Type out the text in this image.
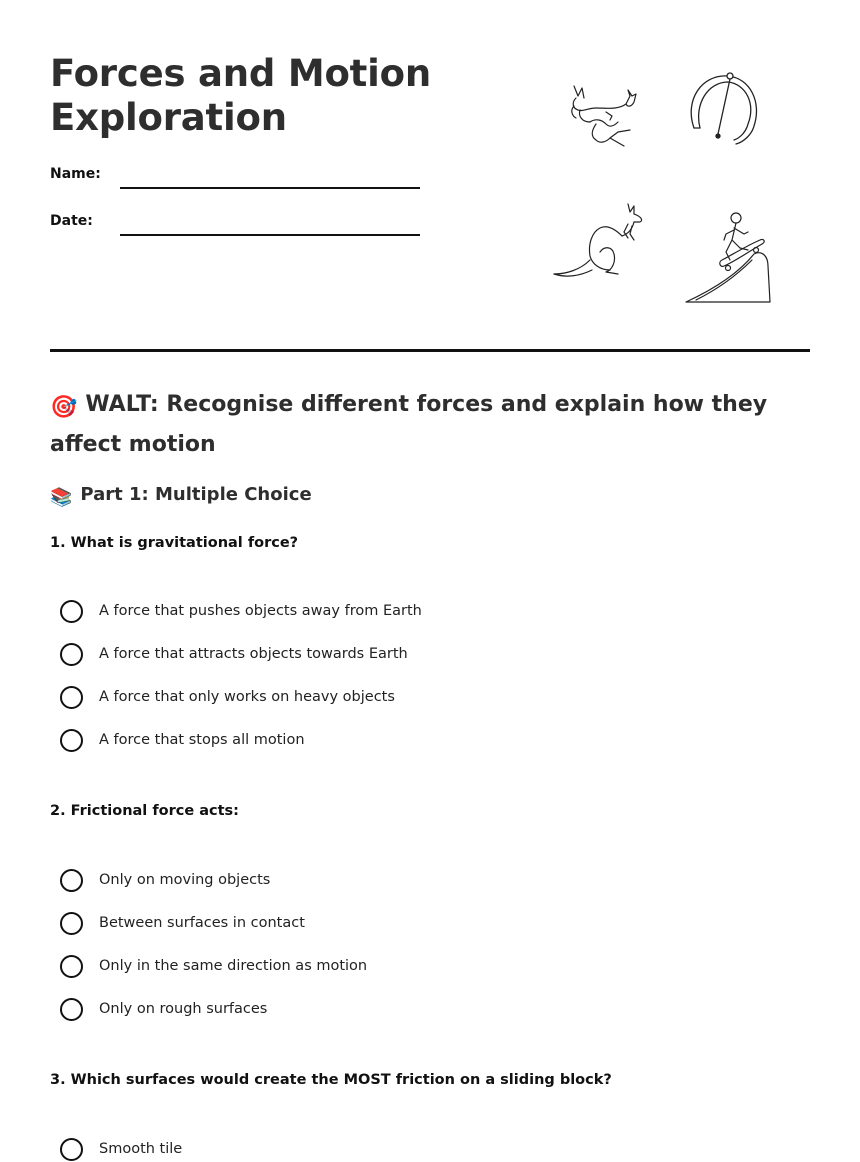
Forces and Motion
Exploration
Name:
Date:
🎯 WALT: Recognise different forces and explain how they affect motion
📚 Part 1: Multiple Choice
1. What is gravitational force?
A force that pushes objects away from Earth
A force that attracts objects towards Earth
A force that only works on heavy objects
A force that stops all motion
2. Frictional force acts:
Only on moving objects
Between surfaces in contact
Only in the same direction as motion
Only on rough surfaces
3. Which surfaces would create the MOST friction on a sliding block?
Smooth tile
